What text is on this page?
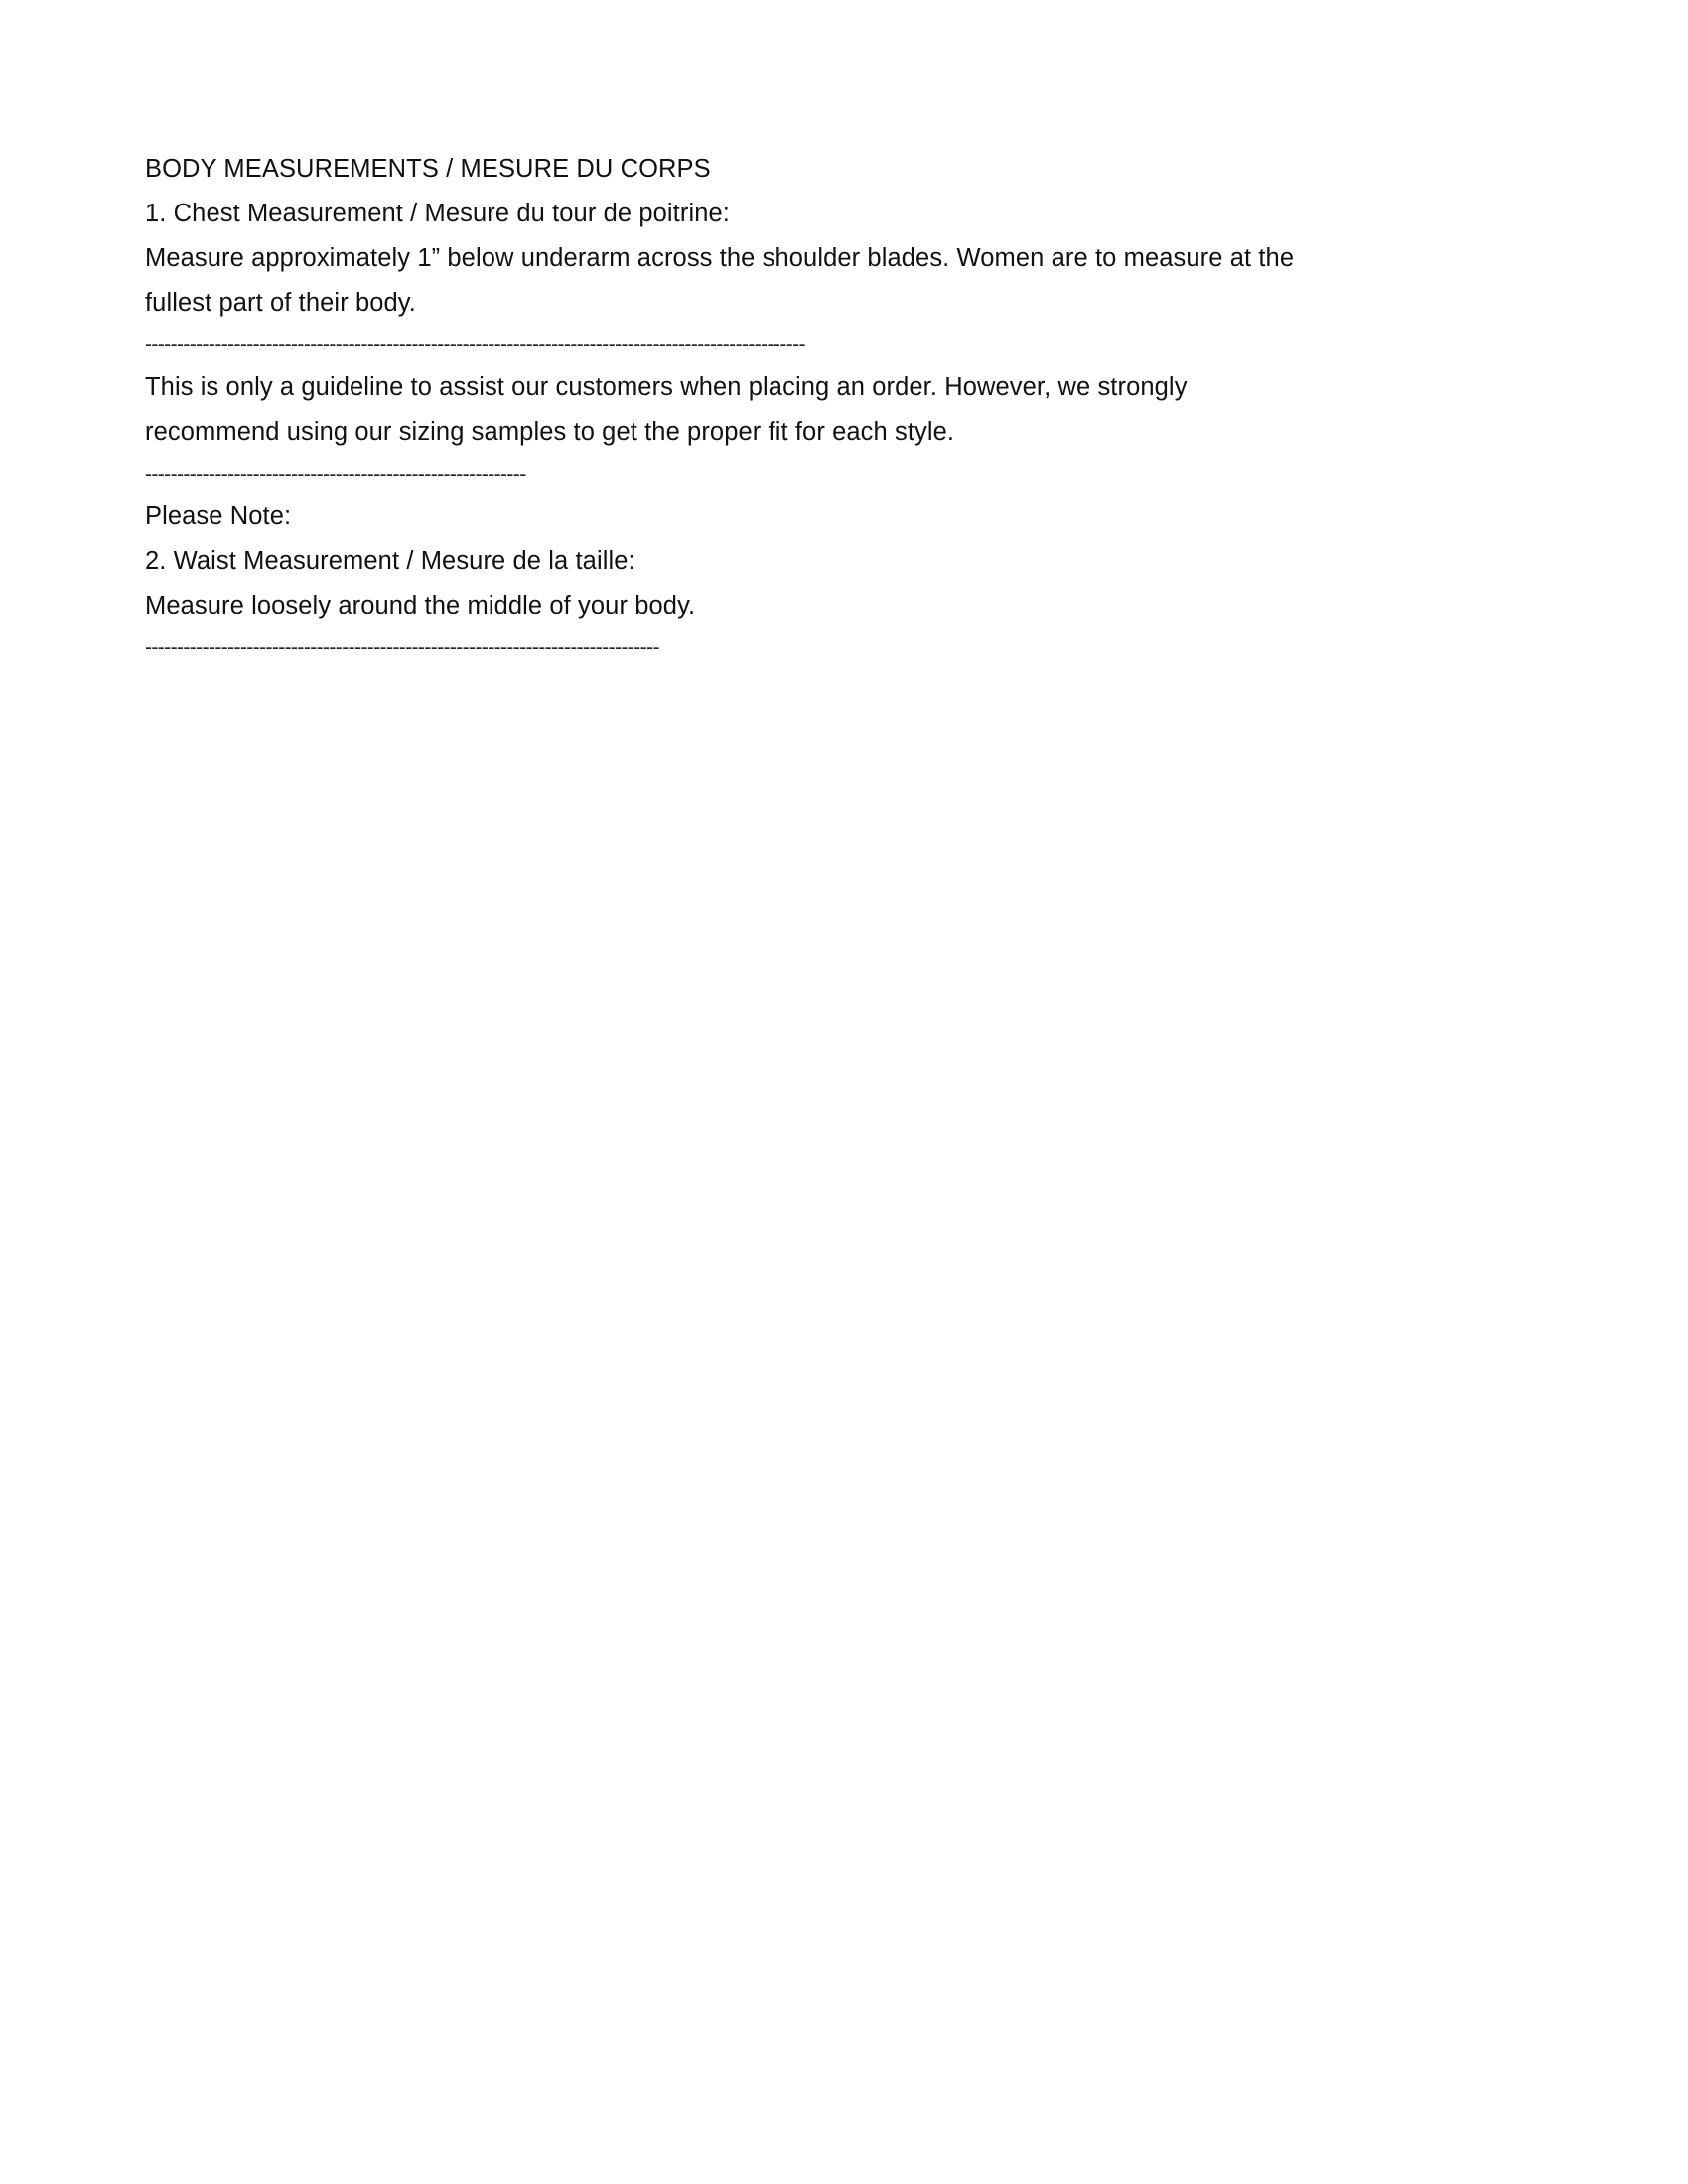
BODY MEASUREMENTS / MESURE DU CORPS
1. Chest Measurement / Mesure du tour de poitrine:
Measure approximately 1” below underarm across the shoulder blades. Women are to measure at the fullest part of their body.
--------------------------------------------------------------------------------------------------------
This is only a guideline to assist our customers when placing an order. However, we strongly recommend using our sizing samples to get the proper fit for each style.
------------------------------------------------------------
Please Note:
2. Waist Measurement / Mesure de la taille:
Measure loosely around the middle of your body.
---------------------------------------------------------------------------------
